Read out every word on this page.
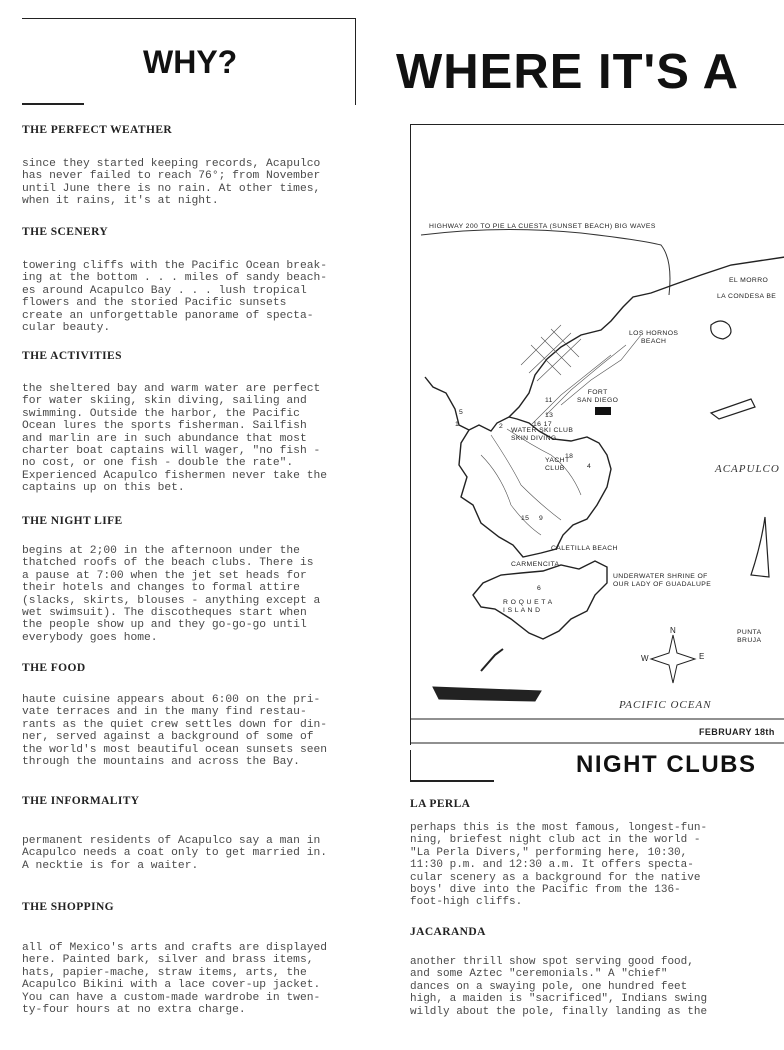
WHY?
THE PERFECT WEATHER
since they started keeping records, Acapulco
has never failed to reach 76°; from November
until June there is no rain. At other times,
when it rains, it's at night.
THE SCENERY
towering cliffs with the Pacific Ocean break-
ing at the bottom . . . miles of sandy beach-
es around Acapulco Bay . . . lush tropical
flowers and the storied Pacific sunsets
create an unforgettable panorame of specta-
cular beauty.
THE ACTIVITIES
the sheltered bay and warm water are perfect
for water skiing, skin diving, sailing and
swimming. Outside the harbor, the Pacific
Ocean lures the sports fisherman. Sailfish
and marlin are in such abundance that most
charter boat captains will wager, "no fish -
no cost, or one fish - double the rate".
Experienced Acapulco fishermen never take the
captains up on this bet.
THE NIGHT LIFE
begins at 2;00 in the afternoon under the
thatched roofs of the beach clubs. There is
a pause at 7:00 when the jet set heads for
their hotels and changes to formal attire
(slacks, skirts, blouses - anything except a
wet swimsuit). The discotheques start when
the people show up and they go-go-go until
everybody goes home.
THE FOOD
haute cuisine appears about 6:00 on the pri-
vate terraces and in the many find restau-
rants as the quiet crew settles down for din-
ner, served against a background of some of
the world's most beautiful ocean sunsets seen
through the mountains and across the Bay.
THE INFORMALITY
permanent residents of Acapulco say a man in
Acapulco needs a coat only to get married in.
A necktie is for a waiter.
THE SHOPPING
all of Mexico's arts and crafts are displayed
here. Painted bark, silver and brass items,
hats, papier-mache, straw items, arts, the
Acapulco Bikini with a lace cover-up jacket.
You can have a custom-made wardrobe in twen-
ty-four hours at no extra charge.
WHERE IT'S A
HIGHWAY 200 TO PIE LA CUESTA (SUNSET BEACH) BIG WAVES
EL MORRO
LA CONDESA BE
LOS HORNOS
BEACH
FORT
SAN DIEGO
WATER SKI CLUB
SKIN DIVING
YACHT
CLUB
CALETILLA BEACH
CARMENCITA
R O Q U E T A
I S L A N D
UNDERWATER SHRINE OF
OUR LADY OF GUADALUPE
PUNTA
BRUJA
ACAPULCO
PACIFIC OCEAN
N
E
W
11
13
16 17
2
5
1
18
4
15 9
6
FEBRUARY 18th
NIGHT CLUBS
LA PERLA
perhaps this is the most famous, longest-fun-
ning, briefest night club act in the world -
"La Perla Divers," performing here, 10:30,
11:30 p.m. and 12:30 a.m. It offers specta-
cular scenery as a background for the native
boys' dive into the Pacific from the 136-
foot-high cliffs.
JACARANDA
another thrill show spot serving good food,
and some Aztec "ceremonials." A "chief"
dances on a swaying pole, one hundred feet
high, a maiden is "sacrificed", Indians swing
wildly about the pole, finally landing as the
